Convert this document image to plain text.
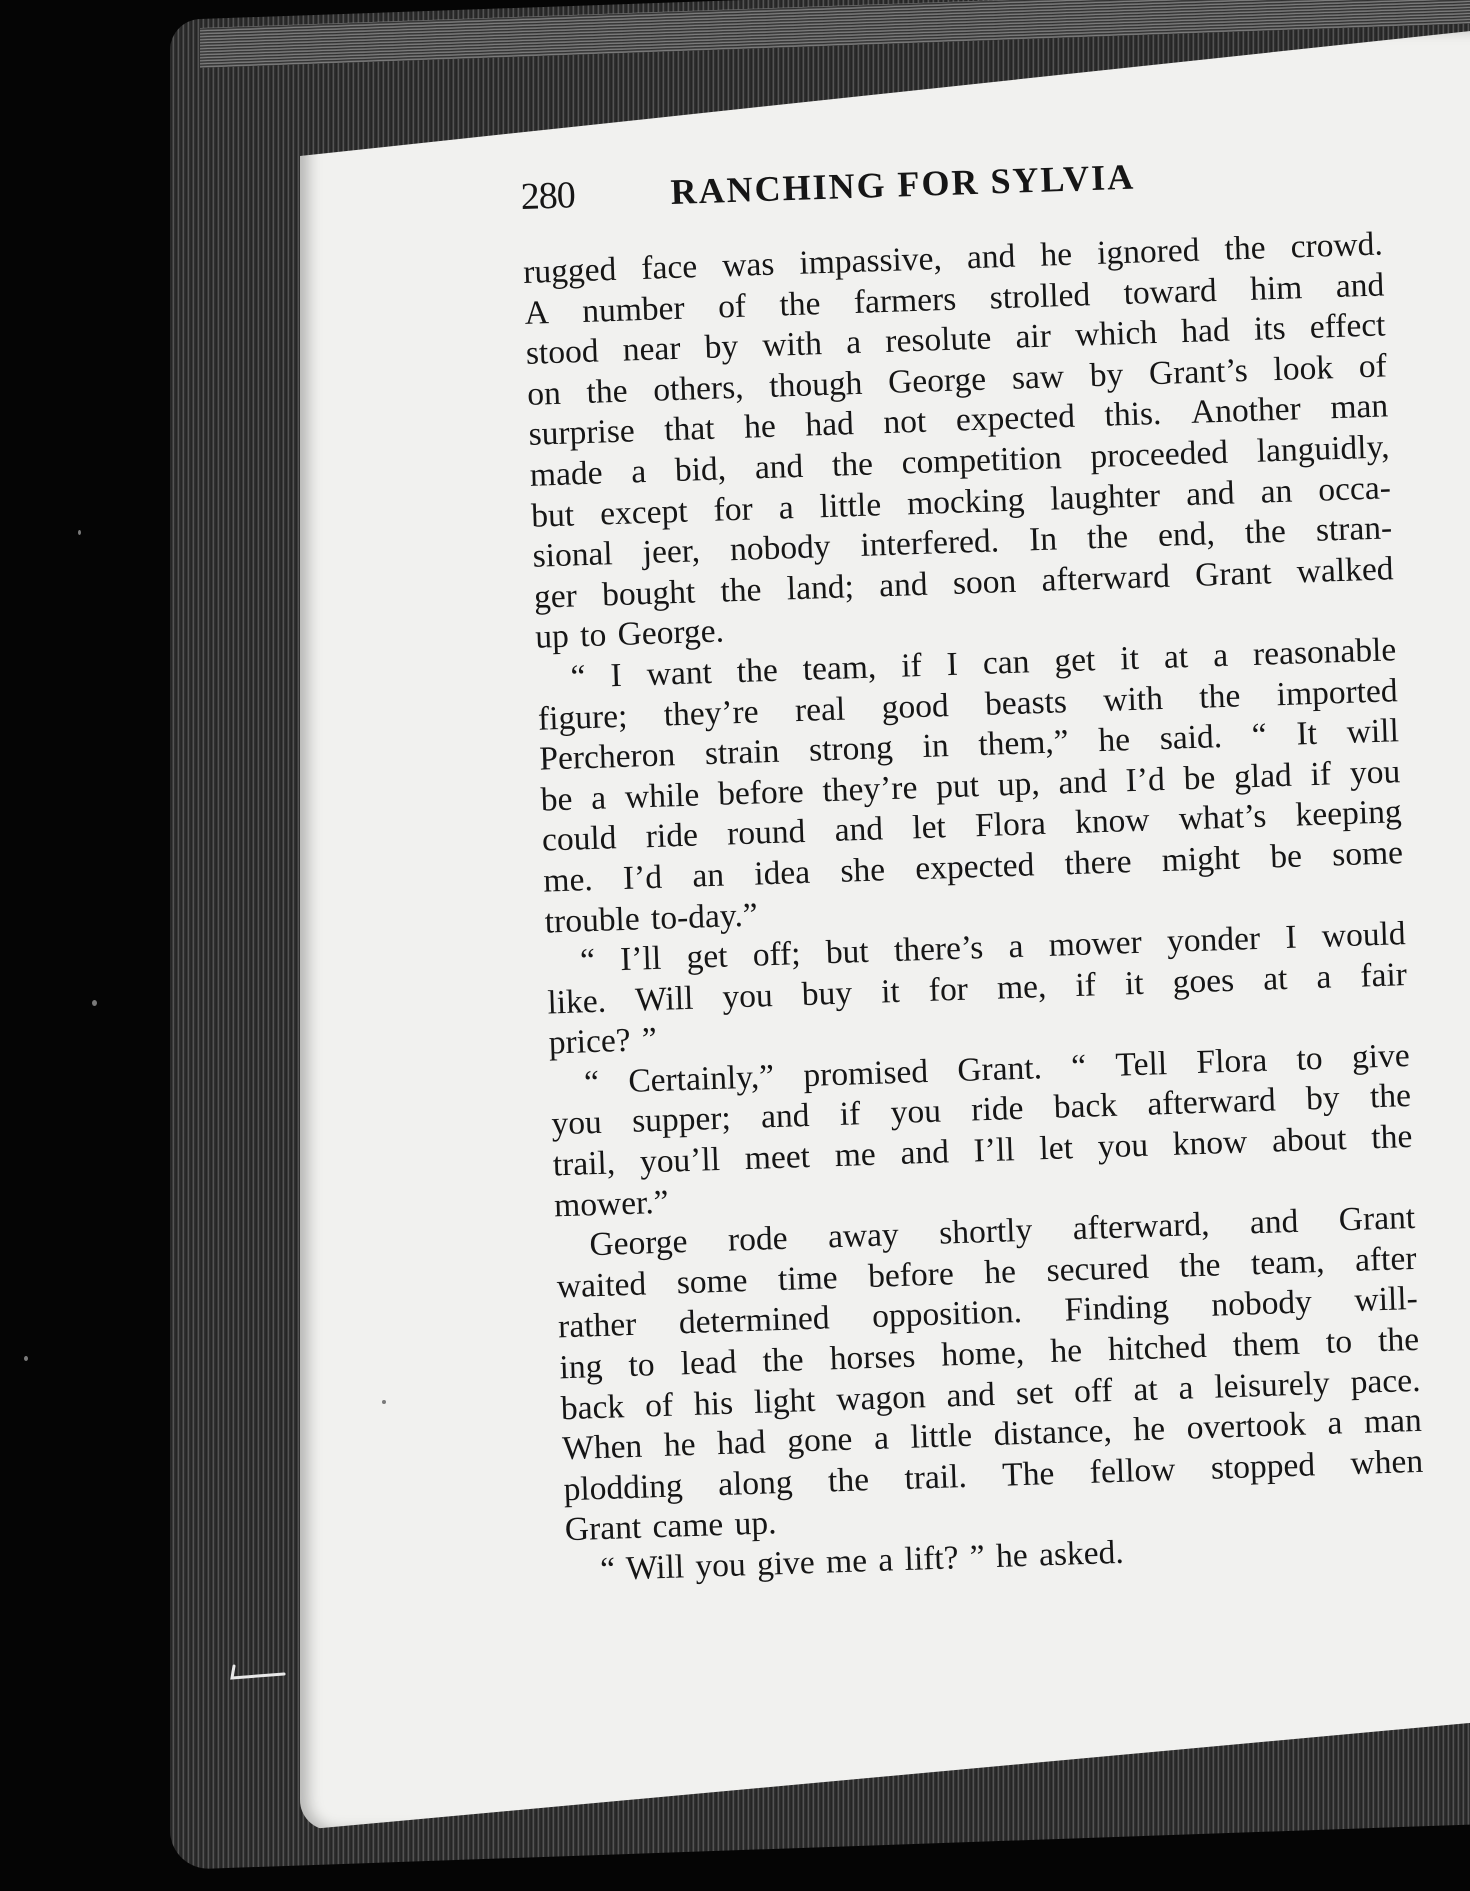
280	RANCHING FOR SYLVIA
rugged face was impassive, and he ignored the crowd.
A number of the farmers strolled toward him and
stood near by with a resolute air which had its effect
on the others, though George saw by Grant’s look of
surprise that he had not expected this. Another man
made a bid, and the competition proceeded languidly,
but except for a little mocking laughter and an occa-
sional jeer, nobody interfered. In the end, the stran-
ger bought the land; and soon afterward Grant walked
up to George.
“ I want the team, if I can get it at a reasonable
figure; they’re real good beasts with the imported
Percheron strain strong in them,” he said. “ It will
be a while before they’re put up, and I’d be glad if you
could ride round and let Flora know what’s keeping
me. I’d an idea she expected there might be some
trouble to-day.”
“ I’ll get off; but there’s a mower yonder I would
like. Will you buy it for me, if it goes at a fair
price? ”
“ Certainly,” promised Grant. “ Tell Flora to give
you supper; and if you ride back afterward by the
trail, you’ll meet me and I’ll let you know about the
mower.”
George rode away shortly afterward, and Grant
waited some time before he secured the team, after
rather determined opposition. Finding nobody will-
ing to lead the horses home, he hitched them to the
back of his light wagon and set off at a leisurely pace.
When he had gone a little distance, he overtook a man
plodding along the trail. The fellow stopped when
Grant came up.
“ Will you give me a lift? ” he asked.
